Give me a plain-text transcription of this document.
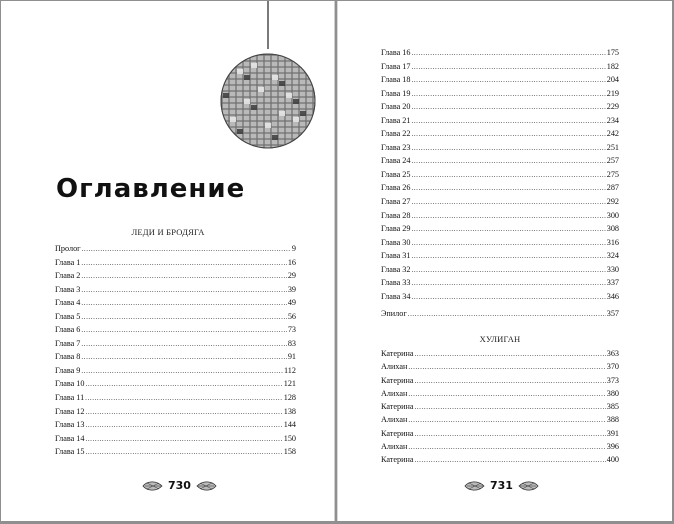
Оглавление
ЛЕДИ И БРОДЯГА
Пролог .....	9
Глава 1 .....	16
Глава 2 .....	29
Глава 3 .....	39
Глава 4 .....	49
Глава 5 .....	56
Глава 6 .....	73
Глава 7 .....	83
Глава 8 .....	91
Глава 9 .....	112
Глава 10 .....	121
Глава 11 .....	128
Глава 12 .....	138
Глава 13 .....	144
Глава 14 .....	150
Глава 15 .....	158
730
Глава 16 .....	175
Глава 17 .....	182
Глава 18 .....	204
Глава 19 .....	219
Глава 20 .....	229
Глава 21 .....	234
Глава 22 .....	242
Глава 23 .....	251
Глава 24 .....	257
Глава 25 .....	275
Глава 26 .....	287
Глава 27 .....	292
Глава 28 .....	300
Глава 29 .....	308
Глава 30 .....	316
Глава 31 .....	324
Глава 32 .....	330
Глава 33 .....	337
Глава 34 .....	346
Эпилог .....	357
ХУЛИГАН
Катерина .....	363
Алихан .....	370
Катерина .....	373
Алихан .....	380
Катерина .....	385
Алихан .....	388
Катерина .....	391
Алихан .....	396
Катерина .....	400
731
